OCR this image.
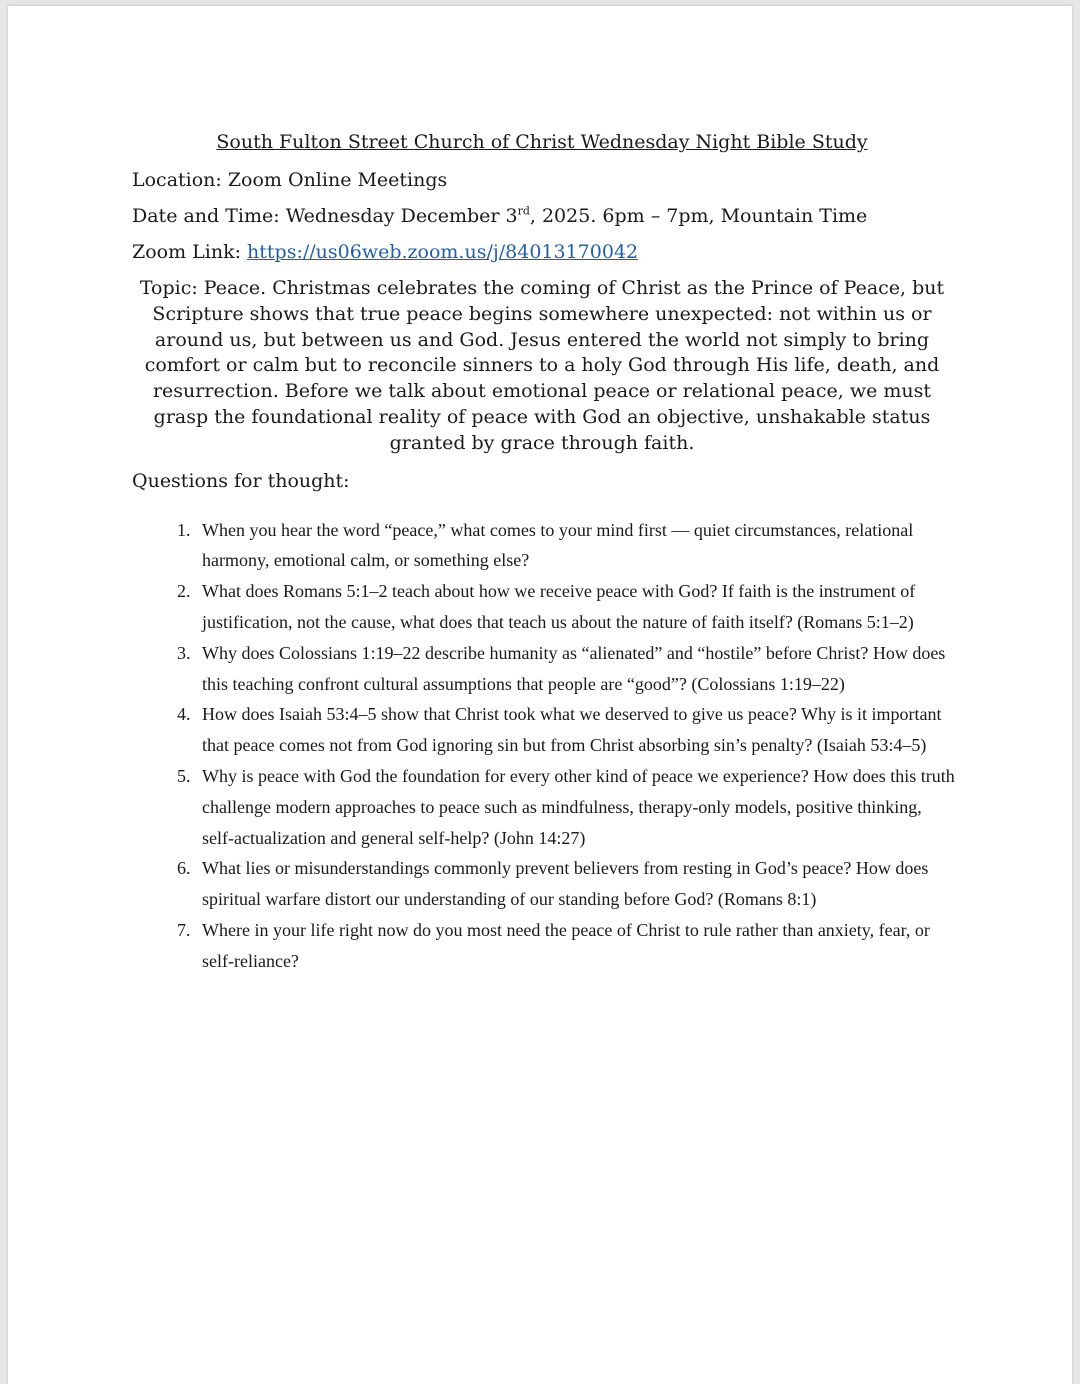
South Fulton Street Church of Christ Wednesday Night Bible Study

Location: Zoom Online Meetings

Date and Time: Wednesday December 3rd, 2025. 6pm – 7pm, Mountain Time

Zoom Link: https://us06web.zoom.us/j/84013170042

Topic: Peace. Christmas celebrates the coming of Christ as the Prince of Peace, but Scripture shows that true peace begins somewhere unexpected: not within us or around us, but between us and God. Jesus entered the world not simply to bring comfort or calm but to reconcile sinners to a holy God through His life, death, and resurrection. Before we talk about emotional peace or relational peace, we must grasp the foundational reality of peace with God an objective, unshakable status granted by grace through faith.

Questions for thought:

1. When you hear the word “peace,” what comes to your mind first — quiet circumstances, relational harmony, emotional calm, or something else?
2. What does Romans 5:1–2 teach about how we receive peace with God? If faith is the instrument of justification, not the cause, what does that teach us about the nature of faith itself? (Romans 5:1–2)
3. Why does Colossians 1:19–22 describe humanity as “alienated” and “hostile” before Christ? How does this teaching confront cultural assumptions that people are “good”? (Colossians 1:19–22)
4. How does Isaiah 53:4–5 show that Christ took what we deserved to give us peace? Why is it important that peace comes not from God ignoring sin but from Christ absorbing sin’s penalty? (Isaiah 53:4–5)
5. Why is peace with God the foundation for every other kind of peace we experience? How does this truth challenge modern approaches to peace such as mindfulness, therapy-only models, positive thinking, self-actualization and general self-help? (John 14:27)
6. What lies or misunderstandings commonly prevent believers from resting in God’s peace? How does spiritual warfare distort our understanding of our standing before God? (Romans 8:1)
7. Where in your life right now do you most need the peace of Christ to rule rather than anxiety, fear, or self-reliance?
